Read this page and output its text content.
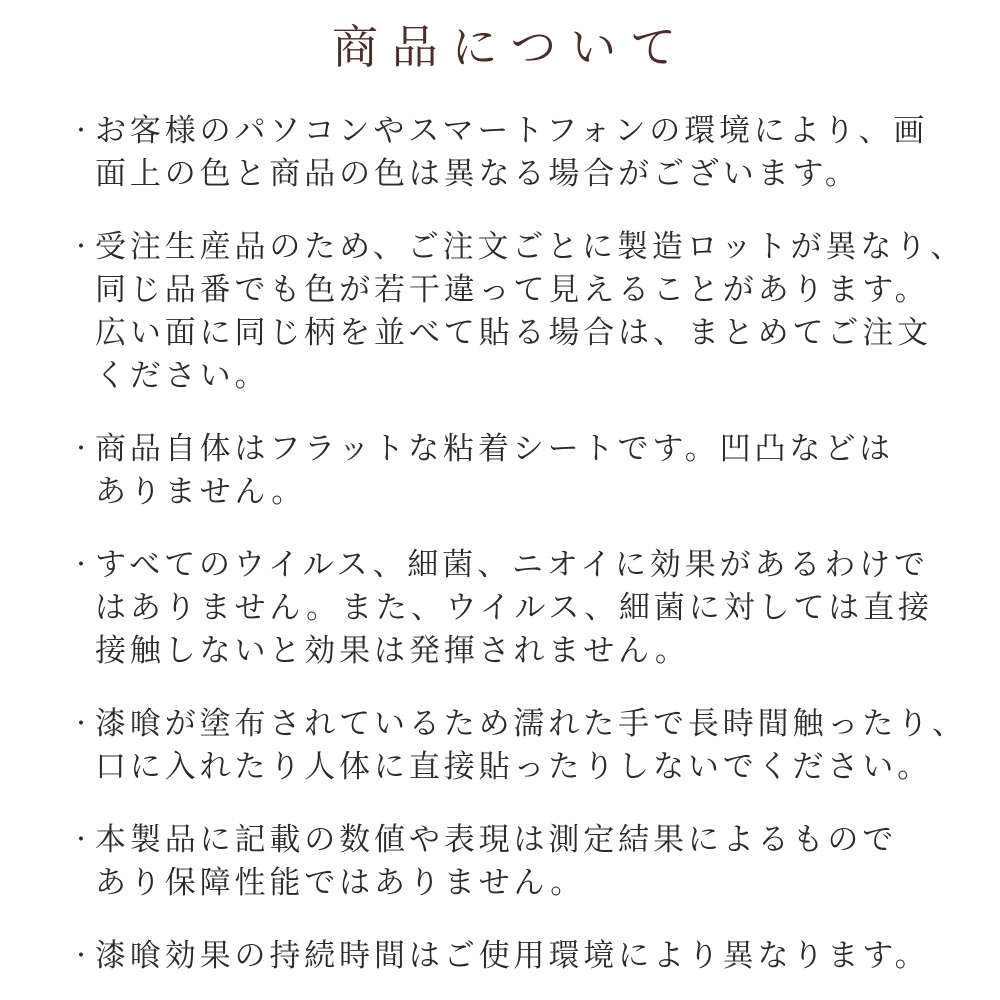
商品について
・ お客様のパソコンやスマートフォンの環境により、画
面上の色と商品の色は異なる場合がございます。
・ 受注生産品のため、ご注文ごとに製造ロットが異なり、
同じ品番でも色が若干違って見えることがあります。
広い面に同じ柄を並べて貼る場合は、まとめてご注文
ください。
・ 商品自体はフラットな粘着シートです。凹凸などは
ありません。
・ すべてのウイルス、細菌、ニオイに効果があるわけで
はありません。また、ウイルス、細菌に対しては直接
接触しないと効果は発揮されません。
・ 漆喰が塗布されているため濡れた手で長時間触ったり、
口に入れたり人体に直接貼ったりしないでください。
・ 本製品に記載の数値や表現は測定結果によるもので
あり保障性能ではありません。
・ 漆喰効果の持続時間はご使用環境により異なります。
